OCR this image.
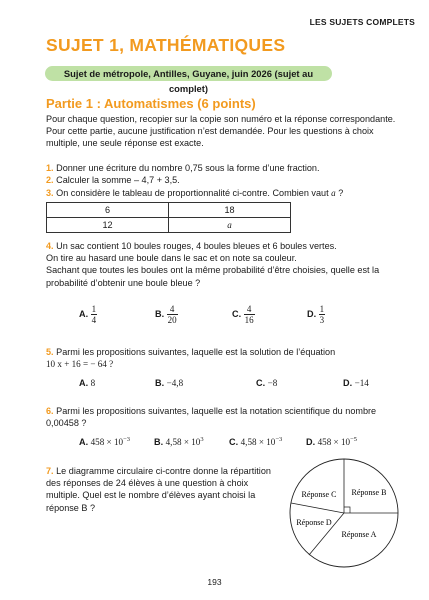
LES SUJETS COMPLETS
SUJET 1, MATHÉMATIQUES
Sujet de métropole, Antilles, Guyane, juin 2026 (sujet au complet)
Partie 1 : Automatismes (6 points)
Pour chaque question, recopier sur la copie son numéro et la réponse correspondante.
Pour cette partie, aucune justification n’est demandée. Pour les questions à choix
multiple, une seule réponse est exacte.
1. Donner une écriture du nombre 0,75 sous la forme d’une fraction.
2. Calculer la somme – 4,7 + 3,5.
3. On considère le tableau de proportionnalité ci-contre. Combien vaut a ?
6	18
12	a
4. Un sac contient 10 boules rouges, 4 boules bleues et 6 boules vertes.
On tire au hasard une boule dans le sac et on note sa couleur.
Sachant que toutes les boules ont la même probabilité d’être choisies, quelle est la
probabilité d’obtenir une boule bleue ?
A. $\frac{1}{4}$	B. $\frac{4}{20}$	C. $\frac{4}{16}$	D. $\frac{1}{3}$
5. Parmi les propositions suivantes, laquelle est la solution de l’équation
10 x + 16 = − 64 ?
A. 8	B. −4,8	C. −8	D. −14
6. Parmi les propositions suivantes, laquelle est la notation scientifique du nombre
0,00458 ?
A. $458 \times 10^{-3}$	B. $4,58 \times 10^3$	C. $4,58 \times 10^{-3}$	D. $458 \times 10^{-5}$
7. Le diagramme circulaire ci-contre donne la répartition
des réponses de 24 élèves à une question à choix
multiple. Quel est le nombre d’élèves ayant choisi la
réponse B ?
Réponse B
Réponse C
Réponse D
Réponse A
193
